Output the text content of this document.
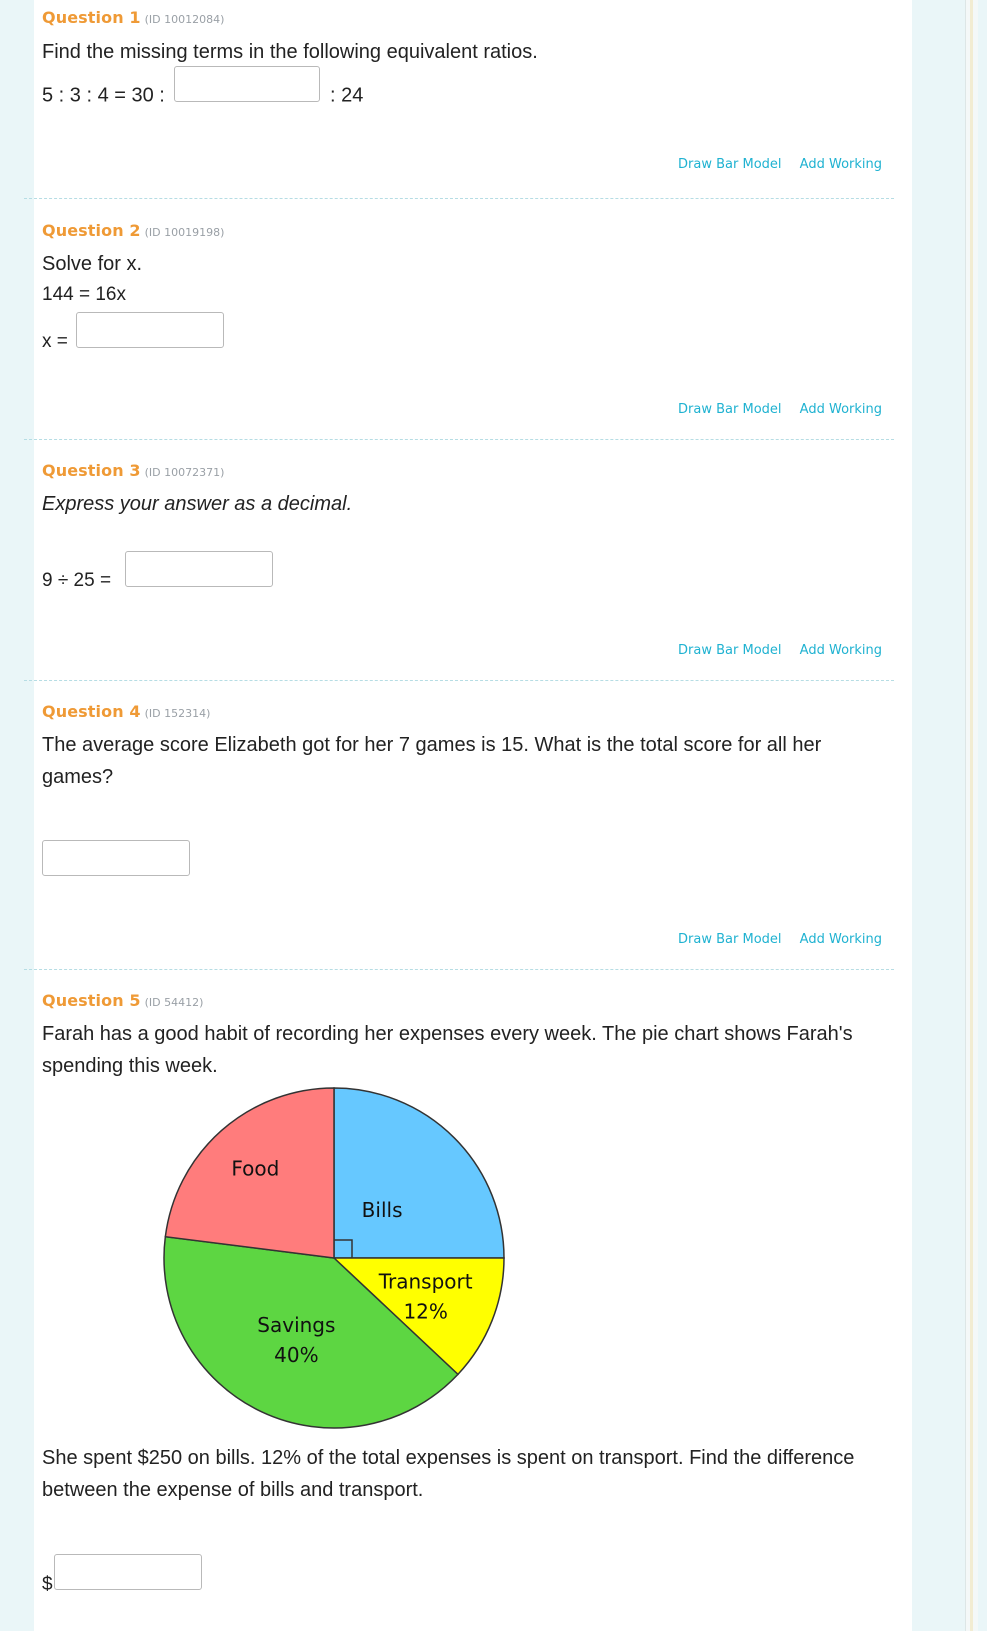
Question 1 (ID 10012084)
Find the missing terms in the following equivalent ratios.
5 : 3 : 4 = 30 :	: 24
Draw Bar Model Add Working
Question 2 (ID 10019198)
Solve for x.
144 = 16x
x =
Draw Bar Model Add Working
Question 3 (ID 10072371)
Express your answer as a decimal.
9 ÷ 25 =
Draw Bar Model Add Working
Question 4 (ID 152314)
The average score Elizabeth got for her 7 games is 15. What is the total score for all her games?
Draw Bar Model Add Working
Question 5 (ID 54412)
Farah has a good habit of recording her expenses every week. The pie chart shows Farah's spending this week.
Bills
Transport
12%
Savings
40%
Food
She spent $250 on bills. 12% of the total expenses is spent on transport. Find the difference between the expense of bills and transport.
$
